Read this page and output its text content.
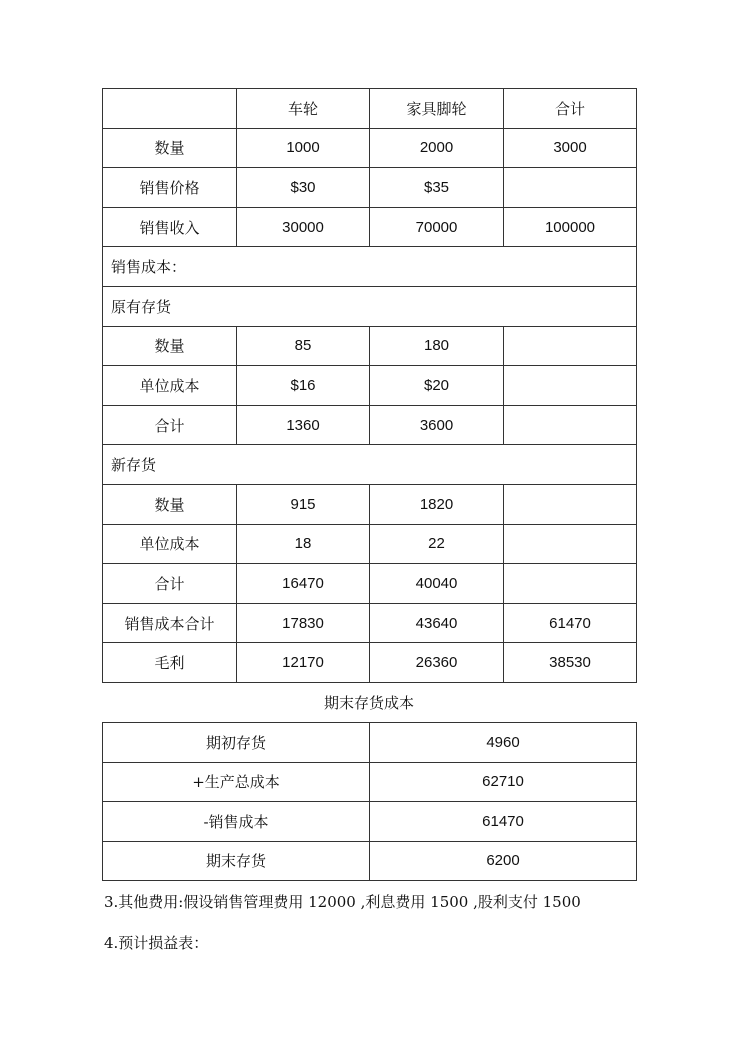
	车轮	家具脚轮	合计
数量	1000	2000	3000
销售价格	$30	$35	
销售收入	30000	70000	100000
销售成本：			
原有存货			
数量	85	180	
单位成本	$16	$20	
合计	1360	3600	
新存货			
数量	915	1820	
单位成本	18	22	
合计	16470	40040	
销售成本合计	17830	43640	61470
毛利	12170	26360	38530
期末存货成本
期初存货	4960
+生产总成本	62710
-销售成本	61470
期末存货	6200
3.其他费用:假设销售管理费用 12000 ,利息费用 1500 ,股利支付 1500
4.预计损益表：
